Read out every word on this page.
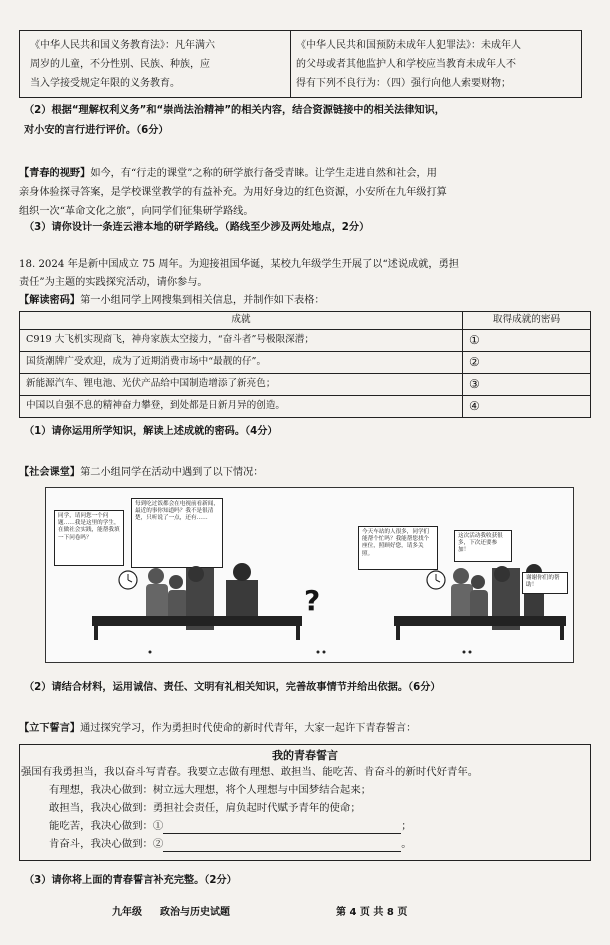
《中华人民共和国义务教育法》：凡年满六
周岁的儿童，不分性别、民族、种族，应
当入学接受规定年限的义务教育。
《中华人民共和国预防未成年人犯罪法》：未成年人
的父母或者其他监护人和学校应当教育未成年人不
得有下列不良行为：（四）强行向他人索要财物；
（2）根据“理解权利义务”和“崇尚法治精神”的相关内容，结合资源链接中的相关法律知识，
对小安的言行进行评价。（6分）
【青春的视野】如今，有“行走的课堂”之称的研学旅行备受青睐。让学生走进自然和社会，用
亲身体验探寻答案，是学校课堂教学的有益补充。为用好身边的红色资源，小安所在九年级打算
组织一次“革命文化之旅”，向同学们征集研学路线。
（3）请你设计一条连云港本地的研学路线。（路线至少涉及两处地点，2分）
18. 2024 年是新中国成立 75 周年。为迎接祖国华诞，某校九年级学生开展了以“述说成就，勇担
责任”为主题的实践探究活动，请你参与。
【解读密码】第一小组同学上网搜集到相关信息，并制作如下表格：
成就	取得成就的密码
C919 大飞机实现商飞，神舟家族太空接力，“奋斗者”号极限深潜；	①
国货潮牌广受欢迎，成为了近期消费市场中“最靓的仔”。	②
新能源汽车、锂电池、光伏产品给中国制造增添了新亮色；	③
中国以自强不息的精神奋力攀登，到处都是日新月异的创造。	④
（1）请你运用所学知识，解读上述成就的密码。（4分）
【社会课堂】第二小组同学在活动中遇到了以下情况：
同学，请问您一个问题……我是这里的学生，在做社会实践，能帮我填一下问卷吗？
每到吃过饭都会在电视前看新闻，最近的事你知道吗？我不是很清楚，只听说了一点，还有……
?
今天车站的人很多，同学们能帮个忙吗？我能帮您找个座位，照顾好您，请多关照。
这次活动我收获很多，下次还要参加！
谢谢你们的帮助！
（2）请结合材料，运用诚信、责任、文明有礼相关知识，完善故事情节并给出依据。（6分）
【立下誓言】通过探究学习，作为勇担时代使命的新时代青年，大家一起许下青春誓言：
我的青春誓言
强国有我勇担当，我以奋斗写青春。我要立志做有理想、敢担当、能吃苦、肯奋斗的新时代好青年。
有理想，我决心做到：树立远大理想，将个人理想与中国梦结合起来；
敢担当，我决心做到：勇担社会责任，肩负起时代赋予青年的使命；
能吃苦，我决心做到：①	；
肯奋斗，我决心做到：②	。
（3）请你将上面的青春誓言补充完整。（2分）
九年级 政治与历史试题	第 4 页 共 8 页
